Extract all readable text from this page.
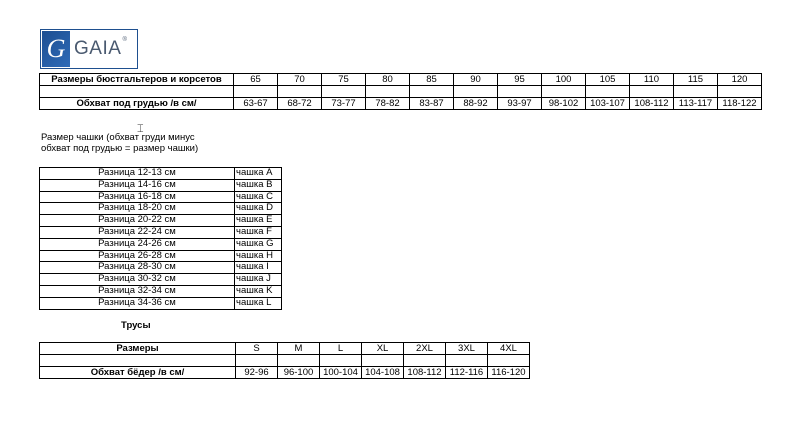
G GAIA ®
Размеры бюстгальтеров и корсетов	65	70	75	80	85	90	95	100	105	110	115	120

Обхват под грудью /в см/	63-67	68-72	73-77	78-82	83-87	88-92	93-97	98-102	103-107	108-112	113-117	118-122
Размер чашки (обхват груди минус
обхват под грудью = размер чашки)
⌶
Разница 12-13 cм	чашка A
Разница 14-16 cм	чашка B
Разница 16-18 cм	чашка C
Разница 18-20 cм	чашка D
Разница 20-22 cм	чашка E
Разница 22-24 cм	чашка F
Разница 24-26 cм	чашка G
Разница 26-28 cм	чашка H
Разница 28-30 cм	чашка I
Разница 30-32 cм	чашка J
Разница 32-34 cм	чашка K
Разница 34-36 cм	чашка L
Трусы
Размеры	S	M	L	XL	2XL	3XL	4XL

Обхват бёдер /в см/	92-96	96-100	100-104	104-108	108-112	112-116	116-120
